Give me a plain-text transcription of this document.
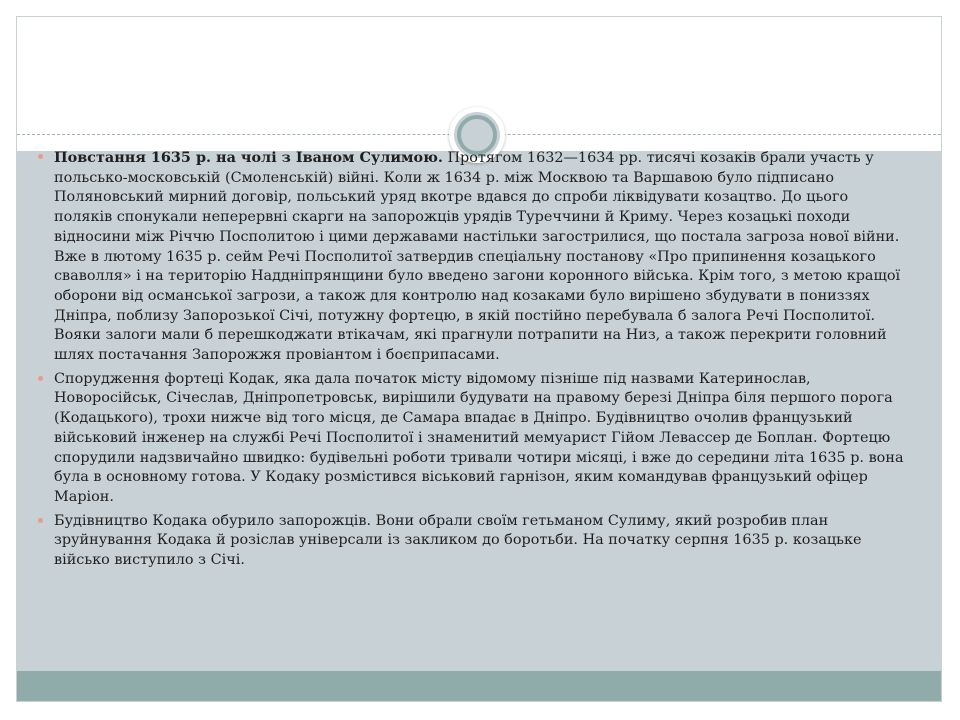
Повстання 1635 р. на чолі з Іваном Сулимою. Протягом 1632—1634 рр. тисячі козаків брали участь у польсько-московській (Смоленській) війні. Коли ж 1634 р. між Москвою та Варшавою було підписано Поляновський мирний договір, польський уряд вкотре вдався до спроби ліквідувати козацтво. До цього поляків спонукали неперервні скарги на запорожців урядів Туреччини й Криму. Через козацькі походи відносини між Річчю Посполитою і цими державами настільки загострилися, що постала загроза нової війни. Вже в лютому 1635 р. сейм Речі Посполитої затвердив спеціальну постанову «Про припинення козацького сваволля» і на територію Наддніпрянщини було введено загони коронного війська. Крім того, з метою кращої оборони від османської загрози, а також для контролю над козаками було вирішено збудувати в пониззях Дніпра, поблизу Запорозької Січі, потужну фортецю, в якій постійно перебувала б залога Речі Посполитої. Вояки залоги мали б перешкоджати втікачам, які прагнули потрапити на Низ, а також перекрити головний шлях постачання Запорожжя провіантом і боєприпасами.
Спорудження фортеці Кодак, яка дала початок місту відомому пізніше під назвами Катеринослав, Новоросійськ, Січеслав, Дніпропетровськ, вирішили будувати на правому березі Дніпра біля першого порога (Кодацького), трохи нижче від того місця, де Самара впадає в Дніпро. Будівництво очолив французький військовий інженер на службі Речі Посполитої і знаменитий мемуарист Гійом Левассер де Боплан. Фортецю спорудили надзвичайно швидко: будівельні роботи тривали чотири місяці, і вже до середини літа 1635 р. вона була в основному готова. У Кодаку розмістився віськовий гарнізон, яким командував французький офіцер Маріон.
Будівництво Кодака обурило запорожців. Вони обрали своїм гетьманом Сулиму, який розробив план зруйнування Кодака й розіслав універсали із закликом до боротьби. На початку серпня 1635 р. козацьке військо виступило з Січі.
